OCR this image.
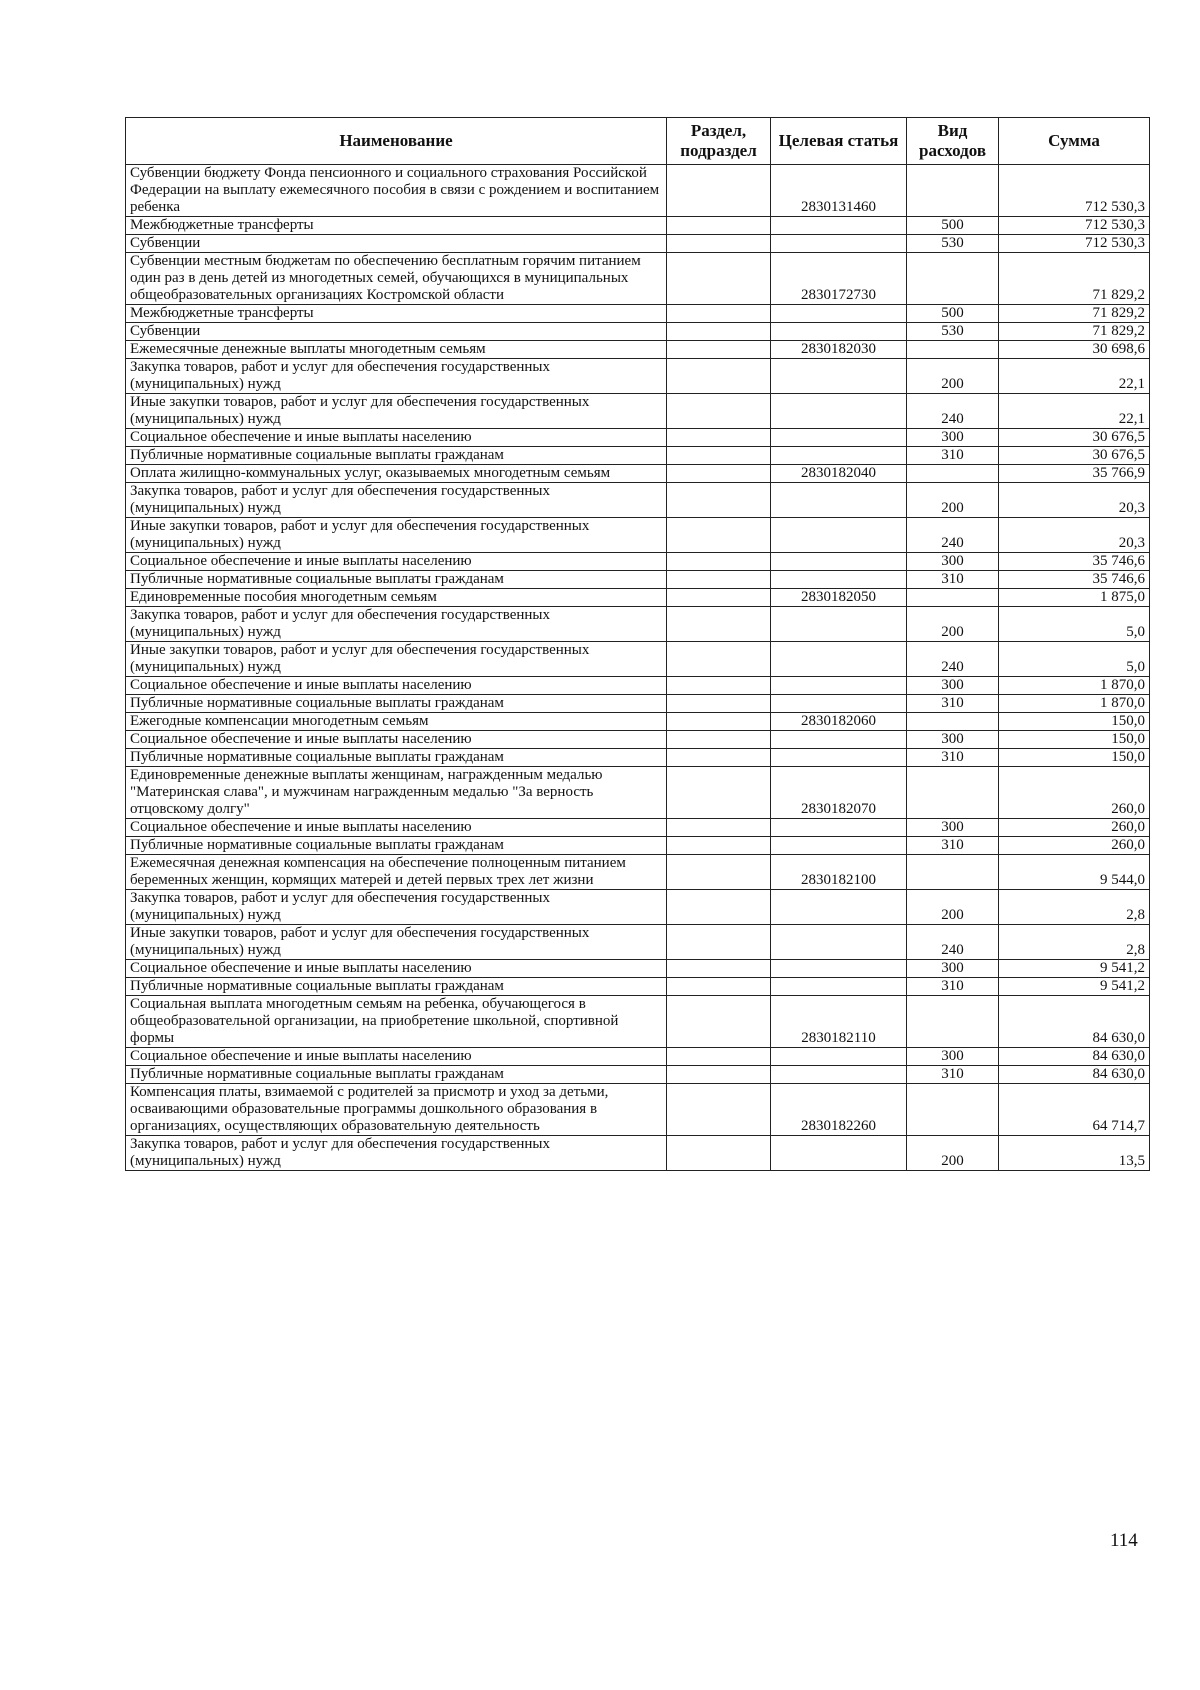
Наименование	Раздел, подраздел	Целевая статья	Вид расходов	Сумма
Субвенции бюджету Фонда пенсионного и социального страхования Российской Федерации на выплату ежемесячного пособия в связи с рождением и воспитанием ребенка		2830131460		712 530,3
Межбюджетные трансферты			500	712 530,3
Субвенции			530	712 530,3
Субвенции местным бюджетам по обеспечению бесплатным горячим питанием один раз в день детей из многодетных семей, обучающихся в муниципальных общеобразовательных организациях Костромской области		2830172730		71 829,2
Межбюджетные трансферты			500	71 829,2
Субвенции			530	71 829,2
Ежемесячные денежные выплаты многодетным семьям		2830182030		30 698,6
Закупка товаров, работ и услуг для обеспечения государственных (муниципальных) нужд			200	22,1
Иные закупки товаров, работ и услуг для обеспечения государственных (муниципальных) нужд			240	22,1
Социальное обеспечение и иные выплаты населению			300	30 676,5
Публичные нормативные социальные выплаты гражданам			310	30 676,5
Оплата жилищно-коммунальных услуг, оказываемых многодетным семьям		2830182040		35 766,9
Закупка товаров, работ и услуг для обеспечения государственных (муниципальных) нужд			200	20,3
Иные закупки товаров, работ и услуг для обеспечения государственных (муниципальных) нужд			240	20,3
Социальное обеспечение и иные выплаты населению			300	35 746,6
Публичные нормативные социальные выплаты гражданам			310	35 746,6
Единовременные пособия многодетным семьям		2830182050		1 875,0
Закупка товаров, работ и услуг для обеспечения государственных (муниципальных) нужд			200	5,0
Иные закупки товаров, работ и услуг для обеспечения государственных (муниципальных) нужд			240	5,0
Социальное обеспечение и иные выплаты населению			300	1 870,0
Публичные нормативные социальные выплаты гражданам			310	1 870,0
Ежегодные компенсации многодетным семьям		2830182060		150,0
Социальное обеспечение и иные выплаты населению			300	150,0
Публичные нормативные социальные выплаты гражданам			310	150,0
Единовременные денежные выплаты женщинам, награжденным медалью "Материнская слава", и мужчинам награжденным медалью "За верность отцовскому долгу"		2830182070		260,0
Социальное обеспечение и иные выплаты населению			300	260,0
Публичные нормативные социальные выплаты гражданам			310	260,0
Ежемесячная денежная компенсация на обеспечение полноценным питанием беременных женщин, кормящих матерей и детей первых трех лет жизни		2830182100		9 544,0
Закупка товаров, работ и услуг для обеспечения государственных (муниципальных) нужд			200	2,8
Иные закупки товаров, работ и услуг для обеспечения государственных (муниципальных) нужд			240	2,8
Социальное обеспечение и иные выплаты населению			300	9 541,2
Публичные нормативные социальные выплаты гражданам			310	9 541,2
Социальная выплата многодетным семьям на ребенка, обучающегося в общеобразовательной организации, на приобретение школьной, спортивной формы		2830182110		84 630,0
Социальное обеспечение и иные выплаты населению			300	84 630,0
Публичные нормативные социальные выплаты гражданам			310	84 630,0
Компенсация платы, взимаемой с родителей за присмотр и уход за детьми, осваивающими образовательные программы дошкольного образования в организациях, осуществляющих образовательную деятельность		2830182260		64 714,7
Закупка товаров, работ и услуг для обеспечения государственных (муниципальных) нужд			200	13,5
114
